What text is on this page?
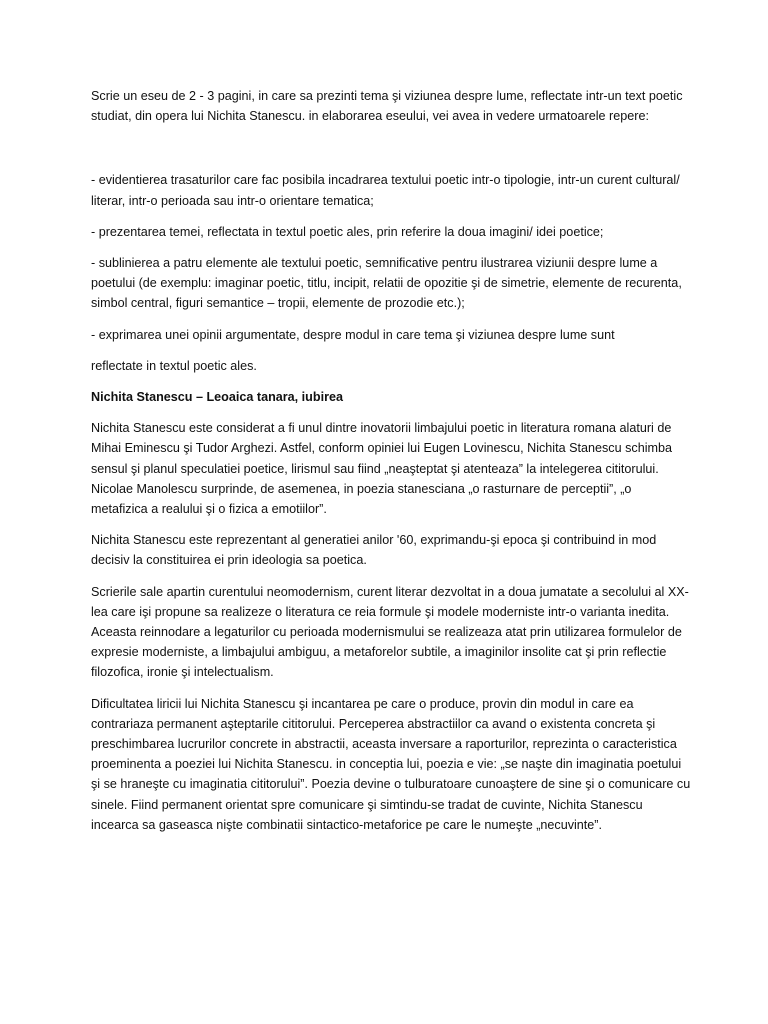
Scrie un eseu de 2 - 3 pagini, in care sa prezinti tema şi viziunea despre lume, reflectate intr-un text poetic studiat, din opera lui Nichita Stanescu. in elaborarea eseului, vei avea in vedere urmatoarele repere:

- evidentierea trasaturilor care fac posibila incadrarea textului poetic intr-o tipologie, intr-un curent cultural/ literar, intr-o perioada sau intr-o orientare tematica;

- prezentarea temei, reflectata in textul poetic ales, prin referire la doua imagini/ idei poetice;

- sublinierea a patru elemente ale textului poetic, semnificative pentru ilustrarea viziunii despre lume a poetului (de exemplu: imaginar poetic, titlu, incipit, relatii de opozitie şi de simetrie, elemente de recurenta, simbol central, figuri semantice – tropii, elemente de prozodie etc.);

- exprimarea unei opinii argumentate, despre modul in care tema şi viziunea despre lume sunt

reflectate in textul poetic ales.

Nichita Stanescu – Leoaica tanara, iubirea

Nichita Stanescu este considerat a fi unul dintre inovatorii limbajului poetic in literatura romana alaturi de Mihai Eminescu şi Tudor Arghezi. Astfel, conform opiniei lui Eugen Lovinescu, Nichita Stanescu schimba sensul şi planul speculatiei poetice, lirismul sau fiind „neaşteptat şi atenteaza” la intelegerea cititorului. Nicolae Manolescu surprinde, de asemenea, in poezia stanesciana „o rasturnare de perceptii”, „o metafizica a realului şi o fizica a emotiilor”.

Nichita Stanescu este reprezentant al generatiei anilor '60, exprimandu-şi epoca şi contribuind in mod decisiv la constituirea ei prin ideologia sa poetica.

Scrierile sale apartin curentului neomodernism, curent literar dezvoltat in a doua jumatate a secolului al XX-lea care işi propune sa realizeze o literatura ce reia formule şi modele moderniste intr-o varianta inedita. Aceasta reinnodare a legaturilor cu perioada modernismului se realizeaza atat prin utilizarea formulelor de expresie moderniste, a limbajului ambiguu, a metaforelor subtile, a imaginilor insolite cat şi prin reflectie filozofica, ironie şi intelectualism.

Dificultatea liricii lui Nichita Stanescu şi incantarea pe care o produce, provin din modul in care ea contrariaza permanent aşteptarile cititorului. Perceperea abstractiilor ca avand o existenta concreta şi preschimbarea lucrurilor concrete in abstractii, aceasta inversare a raporturilor, reprezinta o caracteristica proeminenta a poeziei lui Nichita Stanescu. in conceptia lui, poezia e vie: „se naşte din imaginatia poetului şi se hraneşte cu imaginatia cititorului”. Poezia devine o tulburatoare cunoaştere de sine şi o comunicare cu sinele. Fiind permanent orientat spre comunicare şi simtindu-se tradat de cuvinte, Nichita Stanescu incearca sa gaseasca nişte combinatii sintactico-metaforice pe care le numeşte „necuvinte”.
